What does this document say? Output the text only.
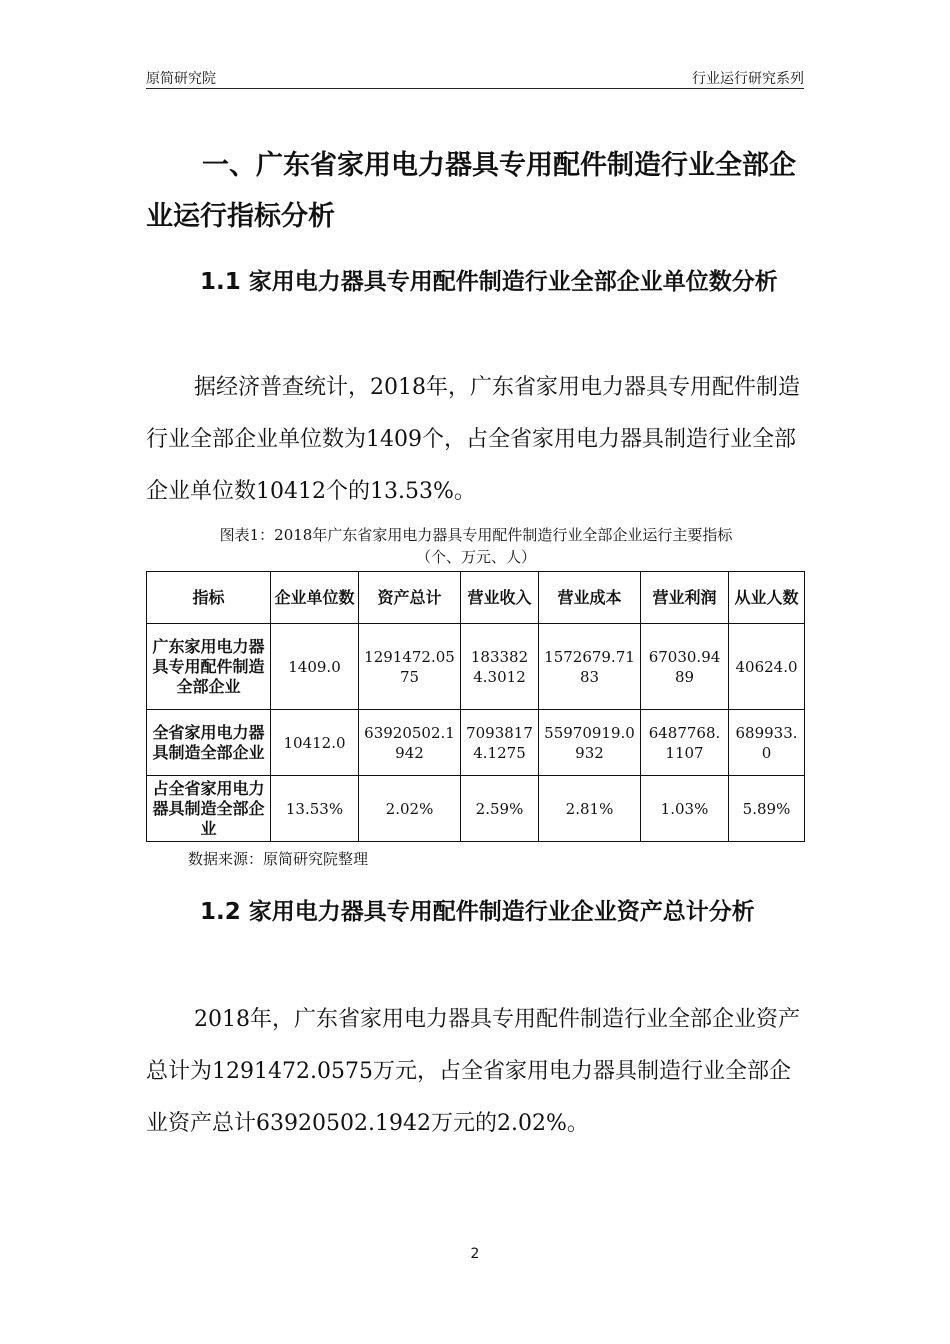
原简研究院	行业运行研究系列
一、广东省家用电力器具专用配件制造行业全部企业运行指标分析
1.1 家用电力器具专用配件制造行业全部企业单位数分析

据经济普查统计，2018年，广东省家用电力器具专用配件制造行业全部企业单位数为1409个，占全省家用电力器具制造行业全部企业单位数10412个的13.53%。

图表1：2018年广东省家用电力器具专用配件制造行业全部企业运行主要指标
（个、万元、人）
指标	企业单位数	资产总计	营业收入	营业成本	营业利润	从业人数
广东家用电力器具专用配件制造全部企业	1409.0	1291472.0575	1833824.3012	1572679.7183	67030.9489	40624.0
全省家用电力器具制造全部企业	10412.0	63920502.1942	70938174.1275	55970919.0932	6487768.1107	689933.0
占全省家用电力器具制造全部企业	13.53%	2.02%	2.59%	2.81%	1.03%	5.89%
数据来源：原简研究院整理
1.2 家用电力器具专用配件制造行业企业资产总计分析

2018年，广东省家用电力器具专用配件制造行业全部企业资产总计为1291472.0575万元，占全省家用电力器具制造行业全部企业资产总计63920502.1942万元的2.02%。

2
